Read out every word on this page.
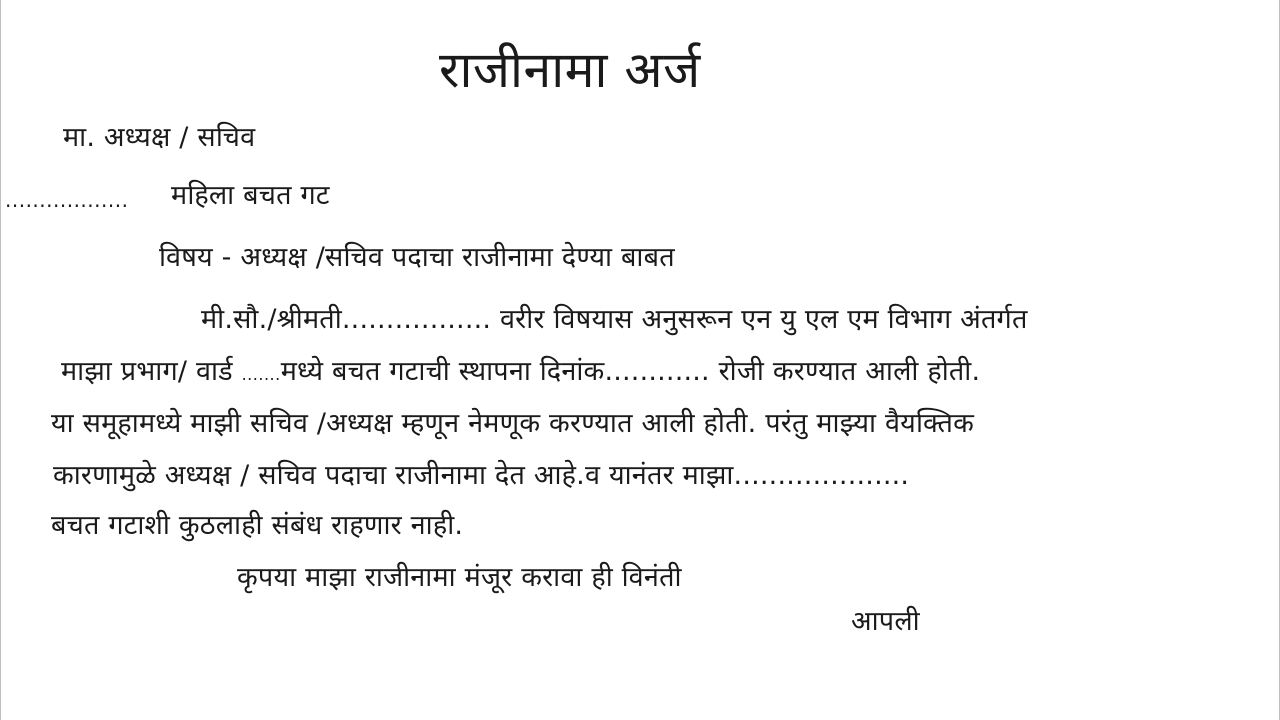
राजीनामा अर्ज
मा. अध्यक्ष / सचिव
.................. महिला बचत गट
विषय - अध्यक्ष /सचिव पदाचा राजीनामा देण्या बाबत
मी.सौ./श्रीमती................. वरीर विषयास अनुसरून एन यु एल एम विभाग अंतर्गत
माझा प्रभाग/ वार्ड .......मध्ये बचत गटाची स्थापना दिनांक............ रोजी करण्यात आली होती.
या समूहामध्ये माझी सचिव /अध्यक्ष म्हणून नेमणूक करण्यात आली होती. परंतु माझ्या वैयक्तिक
कारणामुळे अध्यक्ष / सचिव पदाचा राजीनामा देत आहे.व यानंतर माझा....................
बचत गटाशी कुठलाही संबंध राहणार नाही.
कृपया माझा राजीनामा मंजूर करावा ही विनंती
आपली
